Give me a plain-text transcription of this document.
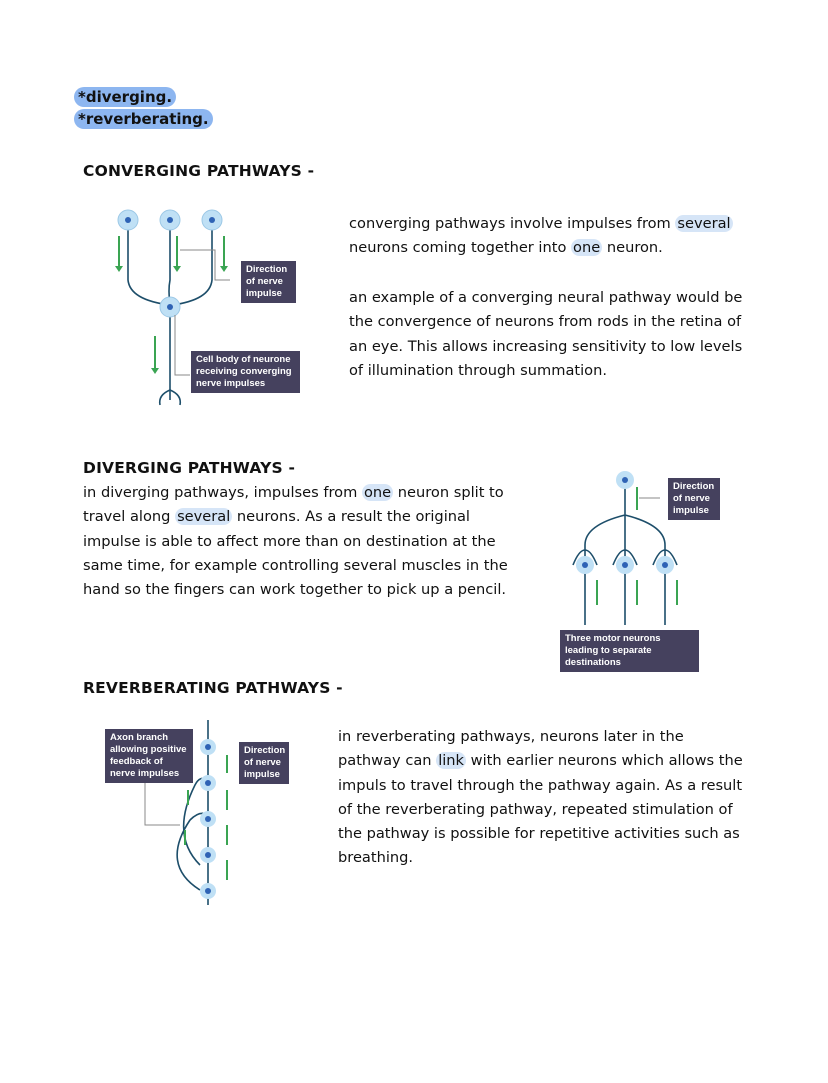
*diverging.
*reverberating.
CONVERGING PATHWAYS -
Direction of nerve impulse
Cell body of neurone receiving converging nerve impulses
converging pathways involve impulses from several neurons coming together into one neuron.
an example of a converging neural pathway would be the convergence of neurons from rods in the retina of an eye. This allows increasing sensitivity to low levels of illumination through summation.
DIVERGING PATHWAYS -
in diverging pathways, impulses from one neuron split to travel along several neurons. As a result the original impulse is able to affect more than on destination at the same time, for example controlling several muscles in the hand so the fingers can work together to pick up a pencil.
Direction of nerve impulse
Three motor neurons leading to separate destinations
REVERBERATING PATHWAYS -
Axon branch allowing positive feedback of nerve impulses
Direction of nerve impulse
in reverberating pathways, neurons later in the pathway can link with earlier neurons which allows the impuls to travel through the pathway again. As a result of the reverberating pathway, repeated stimulation of the pathway is possible for repetitive activities such as breathing.
